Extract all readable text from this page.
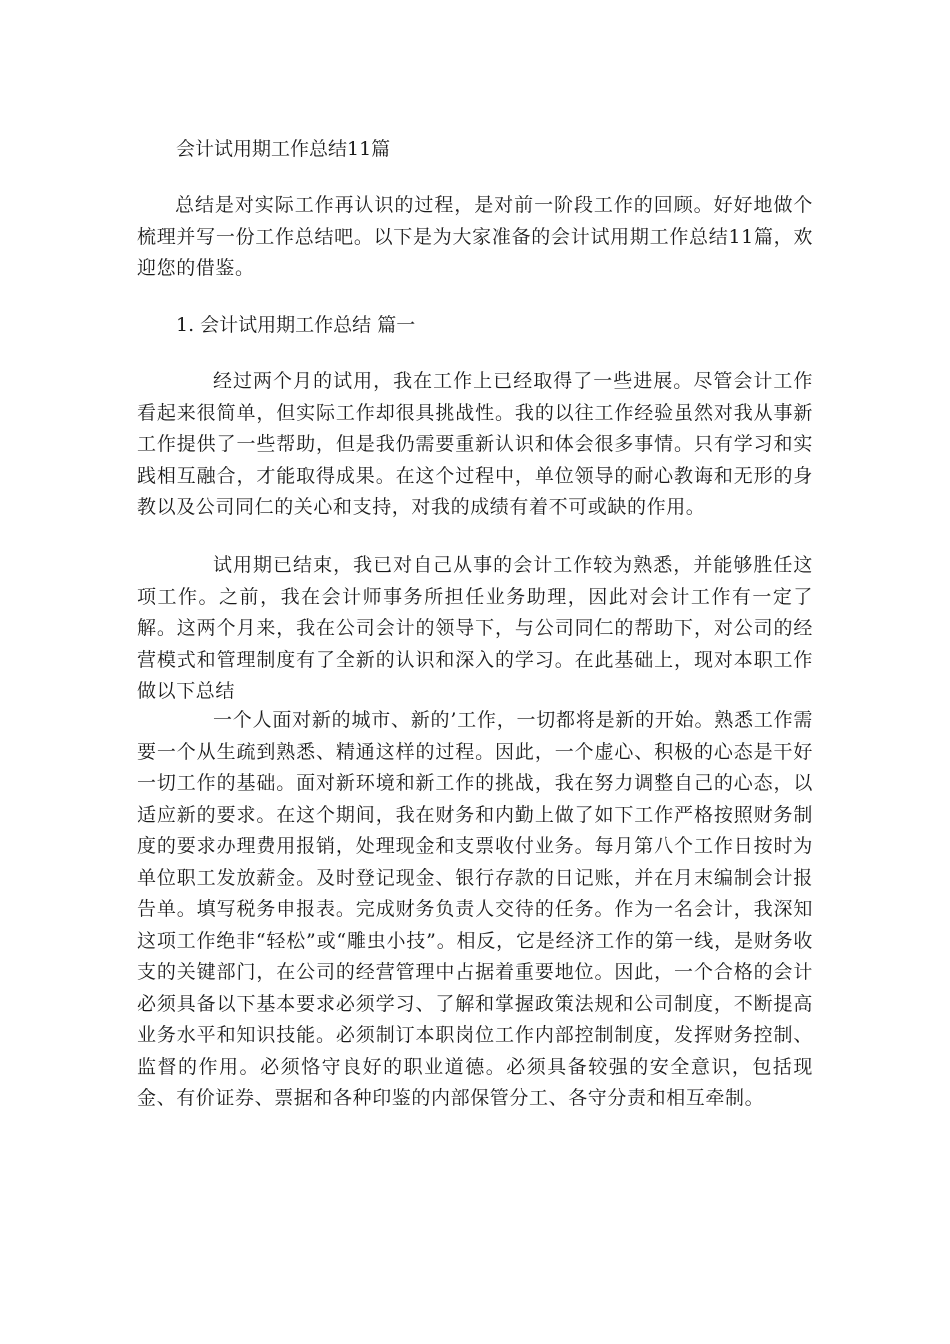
会计试用期工作总结11篇

总结是对实际工作再认识的过程，是对前一阶段工作的回顾。好好地做个梳理并写一份工作总结吧。以下是为大家准备的会计试用期工作总结11篇，欢迎您的借鉴。

1. 会计试用期工作总结 篇一

经过两个月的试用，我在工作上已经取得了一些进展。尽管会计工作看起来很简单，但实际工作却很具挑战性。我的以往工作经验虽然对我从事新工作提供了一些帮助，但是我仍需要重新认识和体会很多事情。只有学习和实践相互融合，才能取得成果。在这个过程中，单位领导的耐心教诲和无形的身教以及公司同仁的关心和支持，对我的成绩有着不可或缺的作用。

试用期已结束，我已对自己从事的会计工作较为熟悉，并能够胜任这项工作。之前，我在会计师事务所担任业务助理，因此对会计工作有一定了解。这两个月来，我在公司会计的领导下，与公司同仁的帮助下，对公司的经营模式和管理制度有了全新的认识和深入的学习。在此基础上，现对本职工作做以下总结

一个人面对新的城市、新的’工作，一切都将是新的开始。熟悉工作需要一个从生疏到熟悉、精通这样的过程。因此，一个虚心、积极的心态是干好一切工作的基础。面对新环境和新工作的挑战，我在努力调整自己的心态，以适应新的要求。在这个期间，我在财务和内勤上做了如下工作严格按照财务制度的要求办理费用报销，处理现金和支票收付业务。每月第八个工作日按时为单位职工发放薪金。及时登记现金、银行存款的日记账，并在月末编制会计报告单。填写税务申报表。完成财务负责人交待的任务。作为一名会计，我深知这项工作绝非“轻松”或“雕虫小技”。相反，它是经济工作的第一线，是财务收支的关键部门，在公司的经营管理中占据着重要地位。因此，一个合格的会计必须具备以下基本要求必须学习、了解和掌握政策法规和公司制度，不断提高业务水平和知识技能。必须制订本职岗位工作内部控制制度，发挥财务控制、监督的作用。必须恪守良好的职业道德。必须具备较强的安全意识，包括现金、有价证券、票据和各种印鉴的内部保管分工、各守分责和相互牵制。
